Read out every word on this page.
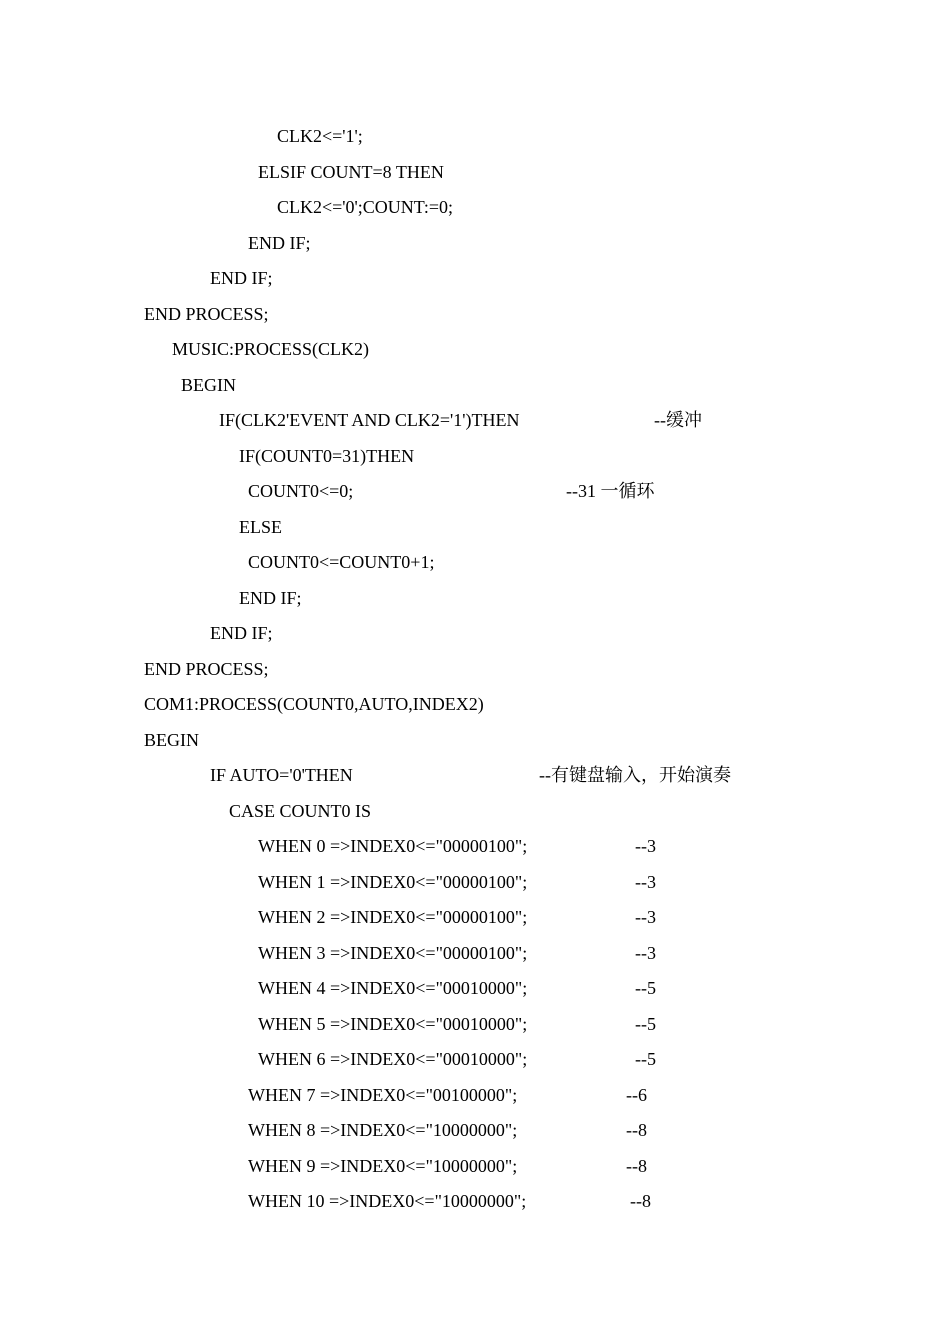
CLK2<='1';
ELSIF COUNT=8 THEN
CLK2<='0';COUNT:=0;
END IF;
END IF;
END PROCESS;
MUSIC:PROCESS(CLK2)
BEGIN
IF(CLK2'EVENT AND CLK2='1')THEN	--缓冲
IF(COUNT0=31)THEN
COUNT0<=0;	--31 一循环
ELSE
COUNT0<=COUNT0+1;
END IF;
END IF;
END PROCESS;
COM1:PROCESS(COUNT0,AUTO,INDEX2)
BEGIN
IF AUTO='0'THEN	--有键盘输入，开始演奏
CASE COUNT0 IS
WHEN 0 =>INDEX0<="00000100";	--3
WHEN 1 =>INDEX0<="00000100";	--3
WHEN 2 =>INDEX0<="00000100";	--3
WHEN 3 =>INDEX0<="00000100";	--3
WHEN 4 =>INDEX0<="00010000";	--5
WHEN 5 =>INDEX0<="00010000";	--5
WHEN 6 =>INDEX0<="00010000";	--5
WHEN 7 =>INDEX0<="00100000";	--6
WHEN 8 =>INDEX0<="10000000";	--8
WHEN 9 =>INDEX0<="10000000";	--8
WHEN 10 =>INDEX0<="10000000";	--8
